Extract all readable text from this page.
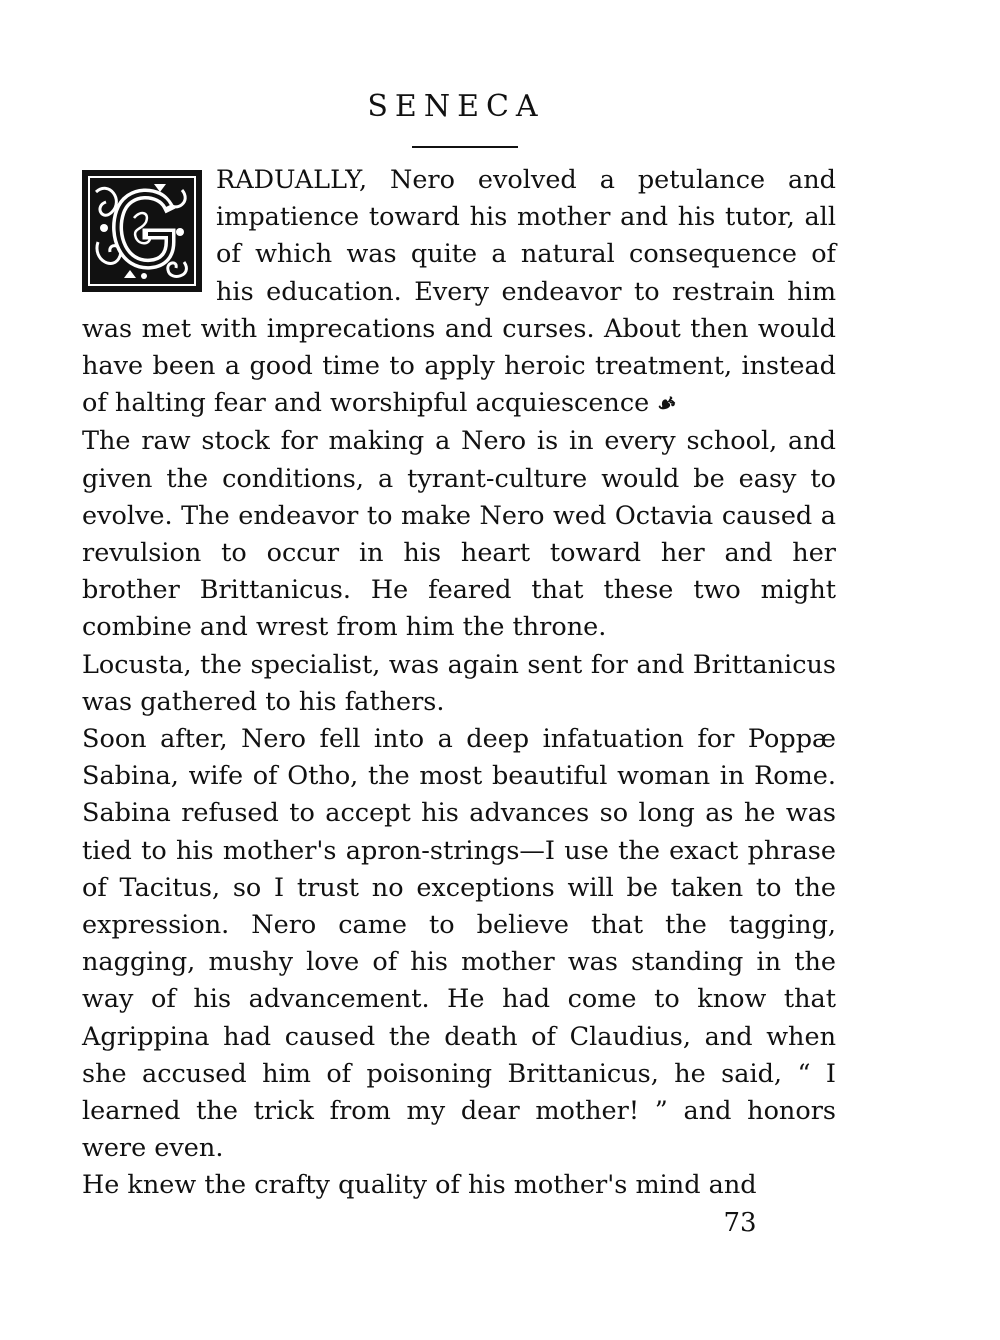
SENECA

RADUALLY, Nero evolved a petulance and impatience toward his mother and his tutor, all of which was quite a natural consequence of his education. Every endeavor to restrain him was met with imprecations and curses. About then would have been a good time to apply heroic treatment, instead of halting fear and worshipful acquiescence ☙

The raw stock for making a Nero is in every school, and given the conditions, a tyrant-culture would be easy to evolve. The endeavor to make Nero wed Octavia caused a revulsion to occur in his heart toward her and her brother Brittanicus. He feared that these two might combine and wrest from him the throne.

Locusta, the specialist, was again sent for and Brittanicus was gathered to his fathers.

Soon after, Nero fell into a deep infatuation for Poppæ Sabina, wife of Otho, the most beautiful woman in Rome. Sabina refused to accept his advances so long as he was tied to his mother's apron-strings—I use the exact phrase of Tacitus, so I trust no exceptions will be taken to the expression. Nero came to believe that the tagging, nagging, mushy love of his mother was standing in the way of his advancement. He had come to know that Agrippina had caused the death of Claudius, and when she accused him of poisoning Brittanicus, he said, “ I learned the trick from my dear mother! ” and honors were even.

He knew the crafty quality of his mother's mind and

73
